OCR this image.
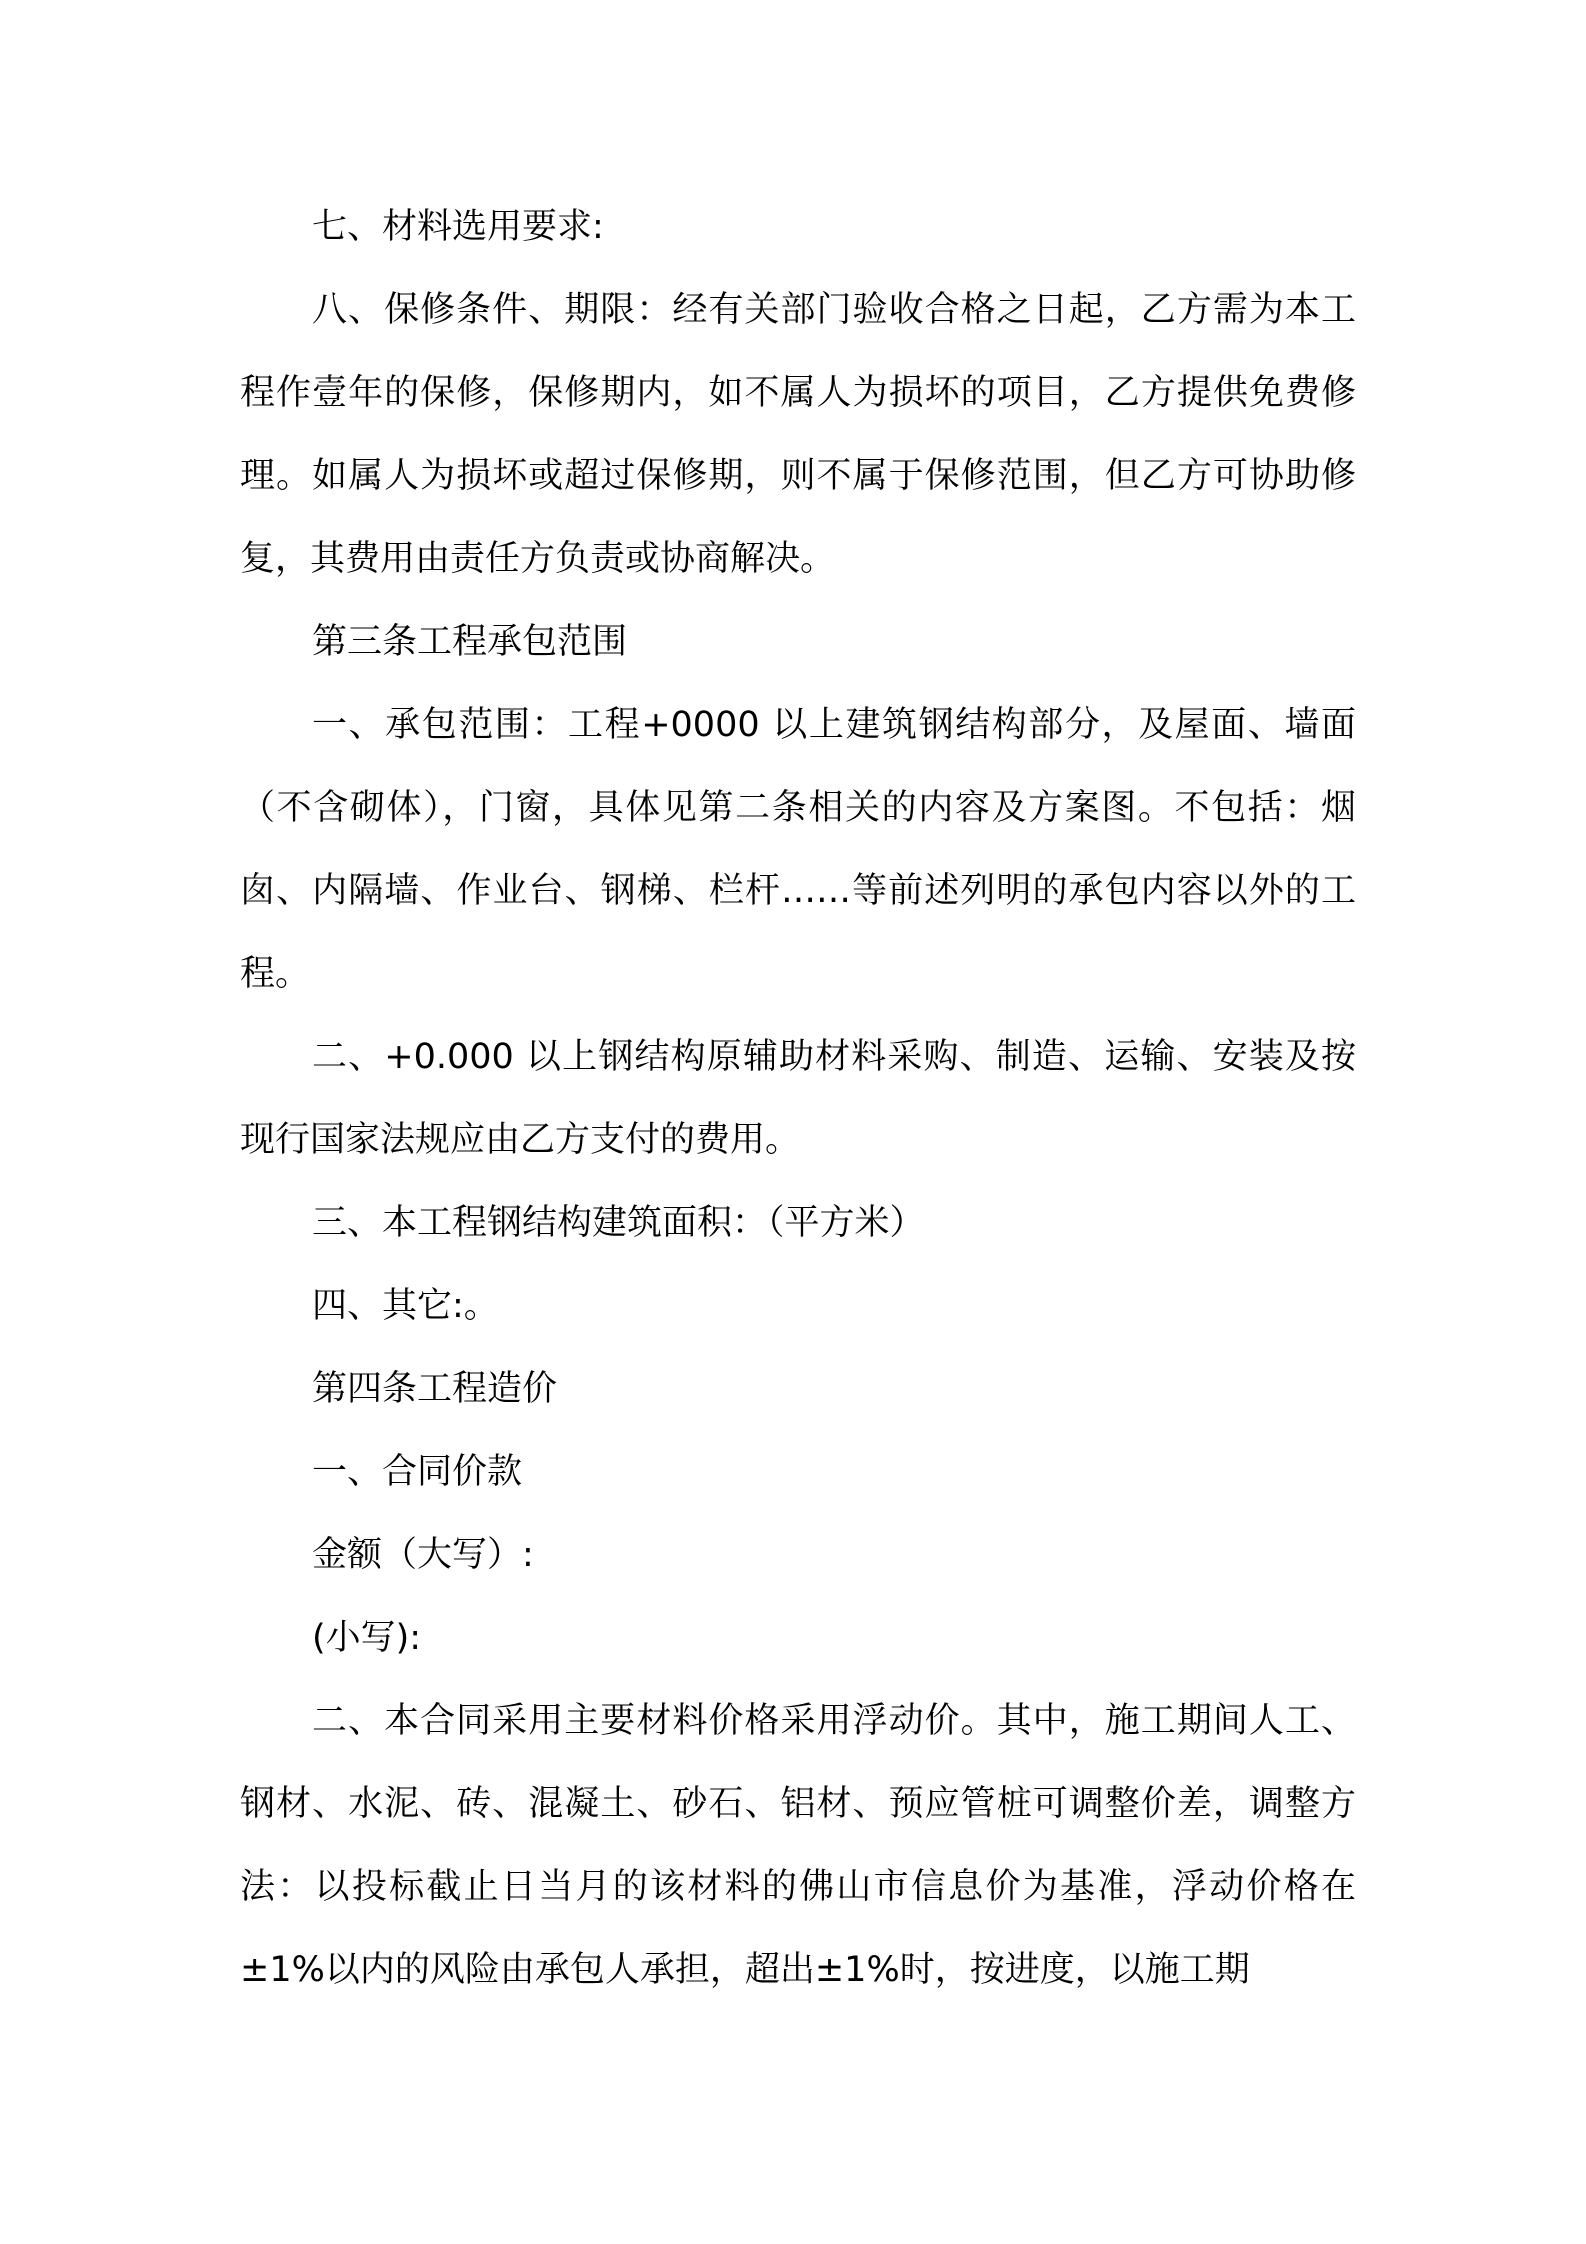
七、材料选用要求:

八、保修条件、期限：经有关部门验收合格之日起，乙方需为本工程作壹年的保修，保修期内，如不属人为损坏的项目，乙方提供免费修理。如属人为损坏或超过保修期，则不属于保修范围，但乙方可协助修复，其费用由责任方负责或协商解决。

第三条工程承包范围

一、承包范围：工程+0000 以上建筑钢结构部分，及屋面、墙面（不含砌体），门窗，具体见第二条相关的内容及方案图。不包括：烟囱、内隔墙、作业台、钢梯、栏杆……等前述列明的承包内容以外的工程。

二、+0.000 以上钢结构原辅助材料采购、制造、运输、安装及按现行国家法规应由乙方支付的费用。

三、本工程钢结构建筑面积：（平方米）

四、其它:。

第四条工程造价

一、合同价款

金额（大写）:

(小写):

二、本合同采用主要材料价格采用浮动价。其中，施工期间人工、钢材、水泥、砖、混凝土、砂石、铝材、预应管桩可调整价差，调整方法：以投标截止日当月的该材料的佛山市信息价为基准，浮动价格在±1%以内的风险由承包人承担，超出±1%时，按进度，以施工期
